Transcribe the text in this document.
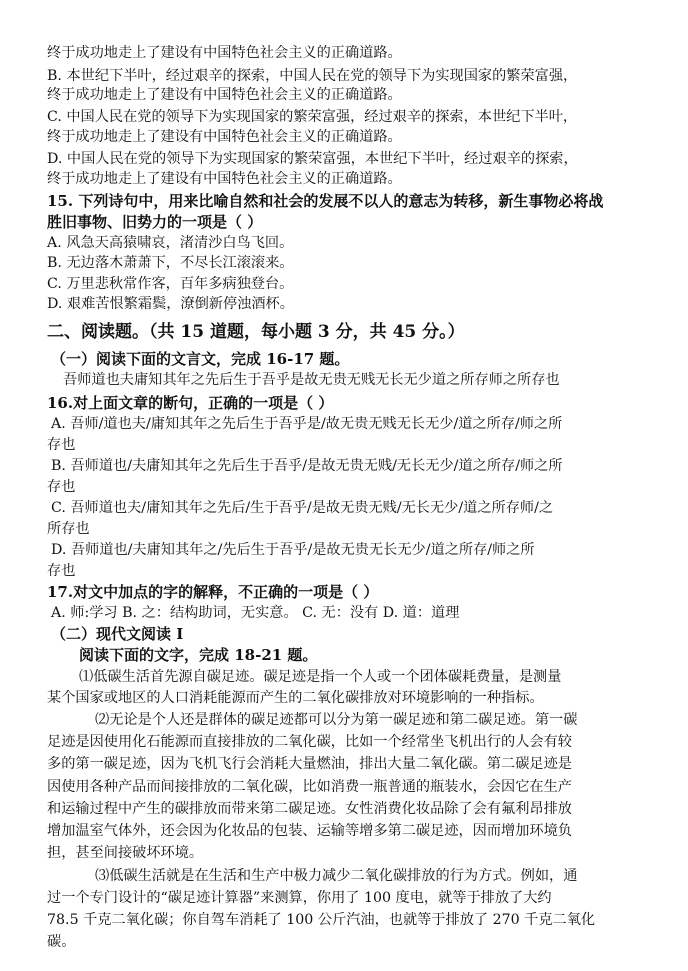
终于成功地走上了建设有中国特色社会主义的正确道路。
B. 本世纪下半叶，经过艰辛的探索，中国人民在党的领导下为实现国家的繁荣富强，
终于成功地走上了建设有中国特色社会主义的正确道路。
C. 中国人民在党的领导下为实现国家的繁荣富强，经过艰辛的探索，本世纪下半叶，
终于成功地走上了建设有中国特色社会主义的正确道路。
D. 中国人民在党的领导下为实现国家的繁荣富强，本世纪下半叶，经过艰辛的探索，
终于成功地走上了建设有中国特色社会主义的正确道路。
15. 下列诗句中，用来比喻自然和社会的发展不以人的意志为转移，新生事物必将战
胜旧事物、旧势力的一项是（ ）
A. 风急天高猿啸哀，渚清沙白鸟飞回。
B. 无边落木萧萧下，不尽长江滚滚来。
C. 万里悲秋常作客，百年多病独登台。
D. 艰难苦恨繁霜鬓，潦倒新停浊酒杯。
二、阅读题。（共 15 道题，每小题 3 分，共 45 分。）
（一）阅读下面的文言文，完成 16-17 题。
吾师道也夫庸知其年之先后生于吾乎是故无贵无贱无长无少道之所存师之所存也
16.对上面文章的断句，正确的一项是（ ）
A. 吾师/道也夫/庸知其年之先后生于吾乎是/故无贵无贱无长无少/道之所存/师之所
存也
B. 吾师道也/夫庸知其年之先后生于吾乎/是故无贵无贱/无长无少/道之所存/师之所
存也
C. 吾师道也夫/庸知其年之先后/生于吾乎/是故无贵无贱/无长无少/道之所存师/之
所存也
D. 吾师道也/夫庸知其年之/先后生于吾乎/是故无贵无长无少/道之所存/师之所
存也
17.对文中加点的字的解释，不正确的一项是（ ）
A. 师:学习 B. 之：结构助词，无实意。 C. 无：没有 D. 道：道理
（二）现代文阅读 I
阅读下面的文字，完成 18-21 题。
⑴低碳生活首先源自碳足迹。碳足迹是指一个人或一个团体碳耗费量，是测量
某个国家或地区的人口消耗能源而产生的二氧化碳排放对环境影响的一种指标。
⑵无论是个人还是群体的碳足迹都可以分为第一碳足迹和第二碳足迹。第一碳
足迹是因使用化石能源而直接排放的二氧化碳，比如一个经常坐飞机出行的人会有较
多的第一碳足迹，因为飞机飞行会消耗大量燃油，排出大量二氧化碳。第二碳足迹是
因使用各种产品而间接排放的二氧化碳，比如消费一瓶普通的瓶装水，会因它在生产
和运输过程中产生的碳排放而带来第二碳足迹。女性消费化妆品除了会有氟利昂排放
增加温室气体外，还会因为化妆品的包装、运输等增多第二碳足迹，因而增加环境负
担，甚至间接破坏环境。
⑶低碳生活就是在生活和生产中极力减少二氧化碳排放的行为方式。例如，通
过一个专门设计的“碳足迹计算器”来测算，你用了 100 度电，就等于排放了大约
78.5 千克二氧化碳；你自驾车消耗了 100 公斤汽油，也就等于排放了 270 千克二氧化
碳。
